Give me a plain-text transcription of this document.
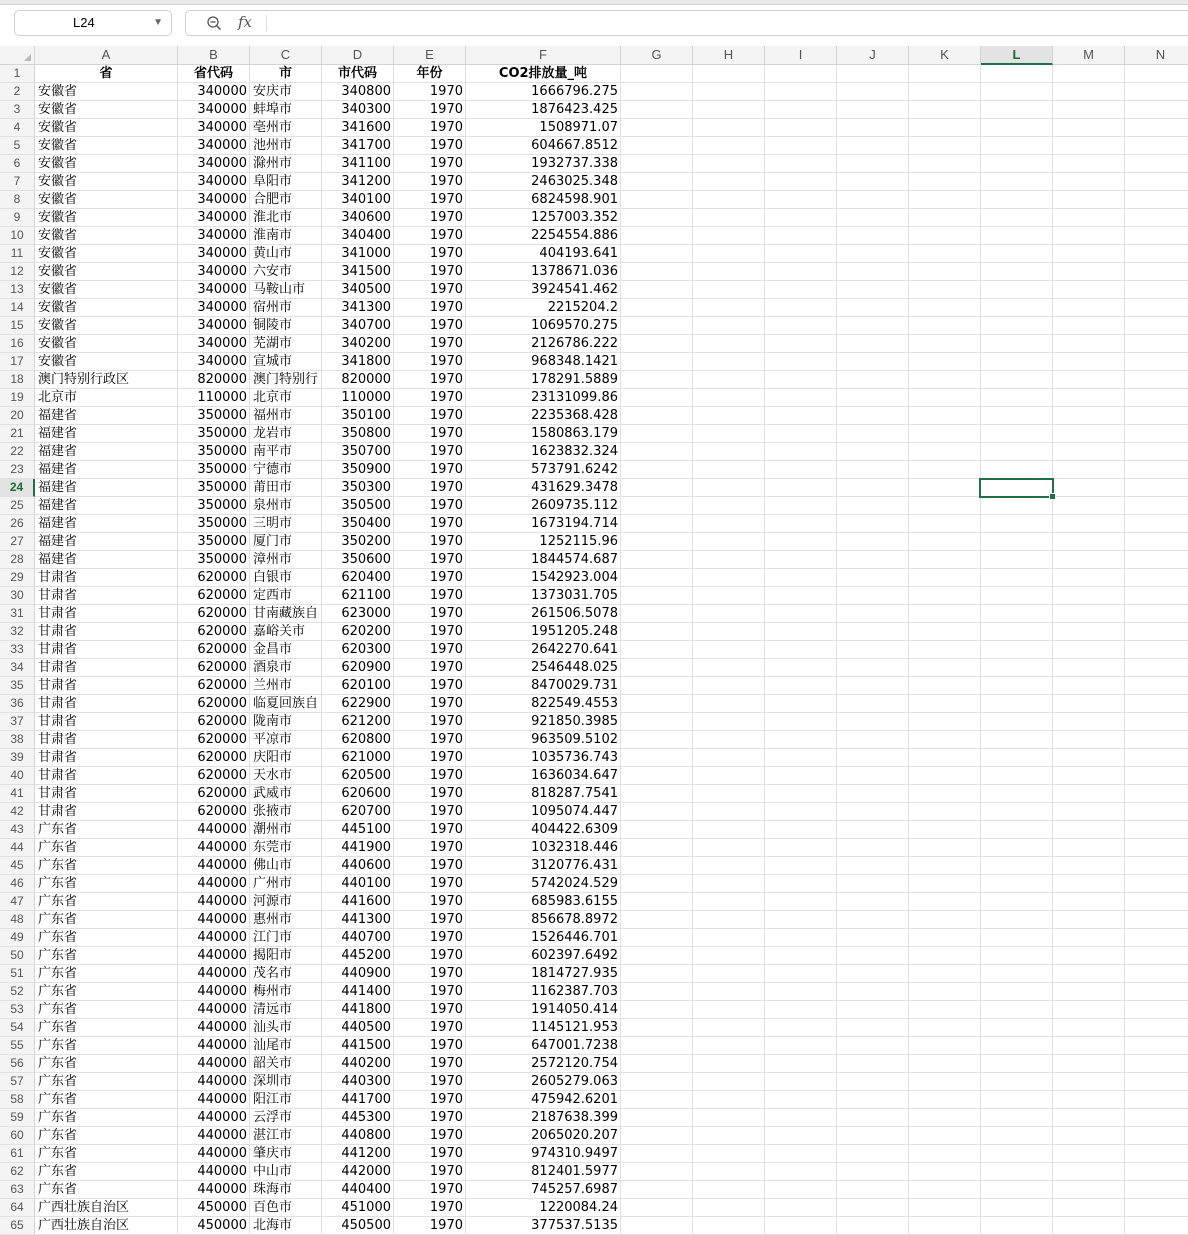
L24	▼	fx
A	B	C	D	E	F	G	H	I	J	K	L	M	N
1	省	省代码	市	市代码	年份	CO2排放量_吨
2	安徽省	340000 安庆市	340800	1970	1666796.275
3	安徽省	340000 蚌埠市	340300	1970	1876423.425
4	安徽省	340000 亳州市	341600	1970	1508971.07
5	安徽省	340000 池州市	341700	1970	604667.8512
6	安徽省	340000 滁州市	341100	1970	1932737.338
7	安徽省	340000 阜阳市	341200	1970	2463025.348
8	安徽省	340000 合肥市	340100	1970	6824598.901
9	安徽省	340000 淮北市	340600	1970	1257003.352
10	安徽省	340000 淮南市	340400	1970	2254554.886
11	安徽省	340000 黄山市	341000	1970	404193.641
12	安徽省	340000 六安市	341500	1970	1378671.036
13	安徽省	340000 马鞍山市	340500	1970	3924541.462
14	安徽省	340000 宿州市	341300	1970	2215204.2
15	安徽省	340000 铜陵市	340700	1970	1069570.275
16	安徽省	340000 芜湖市	340200	1970	2126786.222
17	安徽省	340000 宣城市	341800	1970	968348.1421
18	澳门特别行政区	820000 澳门特别行	820000	1970	178291.5889
19	北京市	110000 北京市	110000	1970	23131099.86
20	福建省	350000 福州市	350100	1970	2235368.428
21	福建省	350000 龙岩市	350800	1970	1580863.179
22	福建省	350000 南平市	350700	1970	1623832.324
23	福建省	350000 宁德市	350900	1970	573791.6242
24	福建省	350000 莆田市	350300	1970	431629.3478
25	福建省	350000 泉州市	350500	1970	2609735.112
26	福建省	350000 三明市	350400	1970	1673194.714
27	福建省	350000 厦门市	350200	1970	1252115.96
28	福建省	350000 漳州市	350600	1970	1844574.687
29	甘肃省	620000 白银市	620400	1970	1542923.004
30	甘肃省	620000 定西市	621100	1970	1373031.705
31	甘肃省	620000 甘南藏族自	623000	1970	261506.5078
32	甘肃省	620000 嘉峪关市	620200	1970	1951205.248
33	甘肃省	620000 金昌市	620300	1970	2642270.641
34	甘肃省	620000 酒泉市	620900	1970	2546448.025
35	甘肃省	620000 兰州市	620100	1970	8470029.731
36	甘肃省	620000 临夏回族自	622900	1970	822549.4553
37	甘肃省	620000 陇南市	621200	1970	921850.3985
38	甘肃省	620000 平凉市	620800	1970	963509.5102
39	甘肃省	620000 庆阳市	621000	1970	1035736.743
40	甘肃省	620000 天水市	620500	1970	1636034.647
41	甘肃省	620000 武威市	620600	1970	818287.7541
42	甘肃省	620000 张掖市	620700	1970	1095074.447
43	广东省	440000 潮州市	445100	1970	404422.6309
44	广东省	440000 东莞市	441900	1970	1032318.446
45	广东省	440000 佛山市	440600	1970	3120776.431
46	广东省	440000 广州市	440100	1970	5742024.529
47	广东省	440000 河源市	441600	1970	685983.6155
48	广东省	440000 惠州市	441300	1970	856678.8972
49	广东省	440000 江门市	440700	1970	1526446.701
50	广东省	440000 揭阳市	445200	1970	602397.6492
51	广东省	440000 茂名市	440900	1970	1814727.935
52	广东省	440000 梅州市	441400	1970	1162387.703
53	广东省	440000 清远市	441800	1970	1914050.414
54	广东省	440000 汕头市	440500	1970	1145121.953
55	广东省	440000 汕尾市	441500	1970	647001.7238
56	广东省	440000 韶关市	440200	1970	2572120.754
57	广东省	440000 深圳市	440300	1970	2605279.063
58	广东省	440000 阳江市	441700	1970	475942.6201
59	广东省	440000 云浮市	445300	1970	2187638.399
60	广东省	440000 湛江市	440800	1970	2065020.207
61	广东省	440000 肇庆市	441200	1970	974310.9497
62	广东省	440000 中山市	442000	1970	812401.5977
63	广东省	440000 珠海市	440400	1970	745257.6987
64	广西壮族自治区	450000 百色市	451000	1970	1220084.24
65	广西壮族自治区	450000 北海市	450500	1970	377537.5135
